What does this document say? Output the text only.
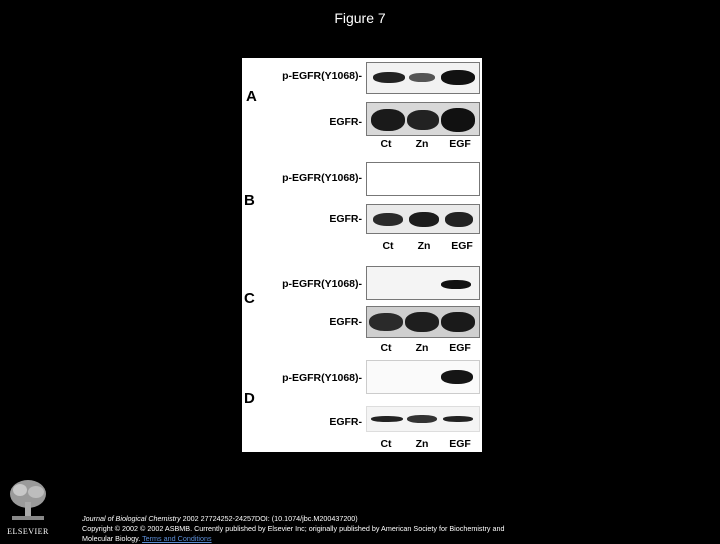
Figure 7
p-EGFR(Y1068)-
A
EGFR-
Ct	Zn	EGF
p-EGFR(Y1068)-
B
EGFR-
Ct	Zn	EGF
p-EGFR(Y1068)-
C
EGFR-
Ct	Zn	EGF
p-EGFR(Y1068)-
D
EGFR-
Ct	Zn	EGF
ELSEVIER
Journal of Biological Chemistry 2002 27724252-24257DOI: (10.1074/jbc.M200437200)
Copyright © 2002 © 2002 ASBMB. Currently published by Elsevier Inc; originally published by American Society for Biochemistry and Molecular Biology. Terms and Conditions
